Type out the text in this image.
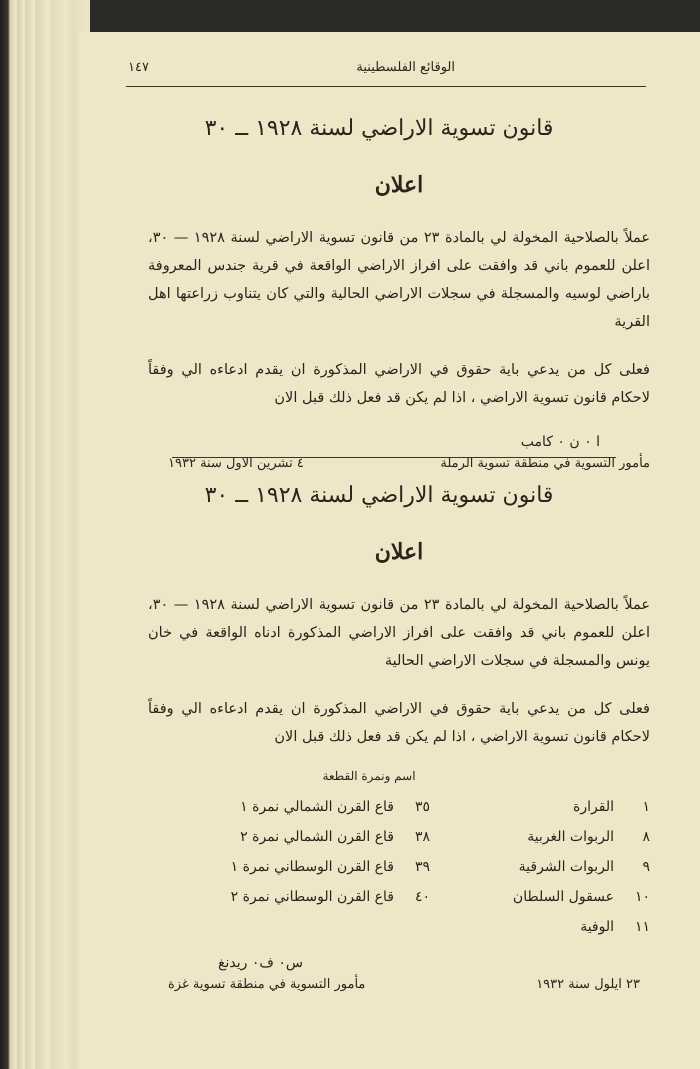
الوقائع الفلسطينية
١٤٧
قانون تسوية الاراضي لسنة ١٩٢٨ ــ ٣٠
اعلان
عملاً بالصلاحية المخولة لي بالمادة ٢٣ من قانون تسوية الاراضي لسنة ١٩٢٨ — ٣٠، اعلن للعموم باني قد وافقت على افراز الاراضي الواقعة في قرية جندس المعروفة باراضي لوسيه والمسجلة في سجلات الاراضي الحالية والتي كان يتناوب زراعتها اهل القرية
فعلى كل من يدعي باية حقوق في الاراضي المذكورة ان يقدم ادعاءه الي وفقاً لاحكام قانون تسوية الاراضي ، اذا لم يكن قد فعل ذلك قبل الان
ا ٠ ن ٠ كامب
مأمور التسوية في منطقة تسوية الرملة
٤ تشرين الاول سنة ١٩٣٢
قانون تسوية الاراضي لسنة ١٩٢٨ ــ ٣٠
اعلان
عملاً بالصلاحية المخولة لي بالمادة ٢٣ من قانون تسوية الاراضي لسنة ١٩٢٨ — ٣٠، اعلن للعموم باني قد وافقت على افراز الاراضي المذكورة ادناه الواقعة في خان يونس والمسجلة في سجلات الاراضي الحالية
فعلى كل من يدعي باية حقوق في الاراضي المذكورة ان يقدم ادعاءه الي وفقاً لاحكام قانون تسوية الاراضي ، اذا لم يكن قد فعل ذلك قبل الان
اسم ونمرة القطعة
١القرارة
٨الربوات الغربية
٩الربوات الشرقية
١٠عسقول السلطان
١١الوفية
٣٥قاع القرن الشمالي نمرة ١
٣٨قاع القرن الشمالي نمرة ٢
٣٩قاع القرن الوسطاني نمرة ١
٤٠قاع القرن الوسطاني نمرة ٢
س٠ ف٠ ريدنغ
مأمور التسوية في منطقة تسوية غزة	٢٣ ايلول سنة ١٩٣٢
